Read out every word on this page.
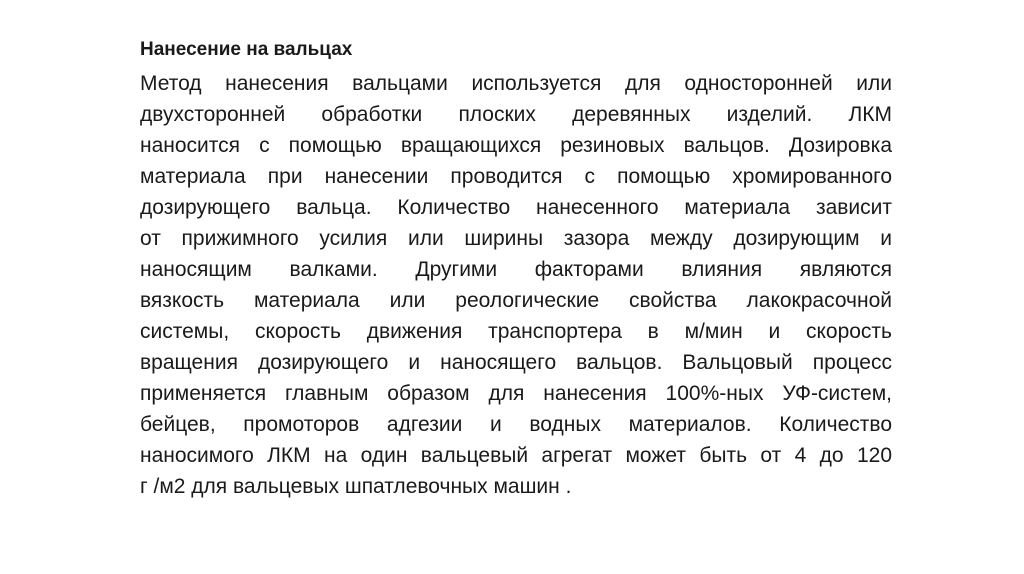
Нанесение на вальцах
Метод нанесения вальцами используется для односторонней или
двухсторонней обработки плоских деревянных изделий. ЛКМ
наносится с помощью вращающихся резиновых вальцов. Дозировка
материала при нанесении проводится с помощью хромированного
дозирующего вальца. Количество нанесенного материала зависит
от прижимного усилия или ширины зазора между дозирующим и
наносящим валками. Другими факторами влияния являются
вязкость материала или реологические свойства лакокрасочной
системы, скорость движения транспортера в м/мин и скорость
вращения дозирующего и наносящего вальцов. Вальцовый процесс
применяется главным образом для нанесения 100%-ных УФ-систем,
бейцев, промоторов адгезии и водных материалов. Количество
наносимого ЛКМ на один вальцевый агрегат может быть от 4 до 120
г /м2 для вальцевых шпатлевочных машин .
